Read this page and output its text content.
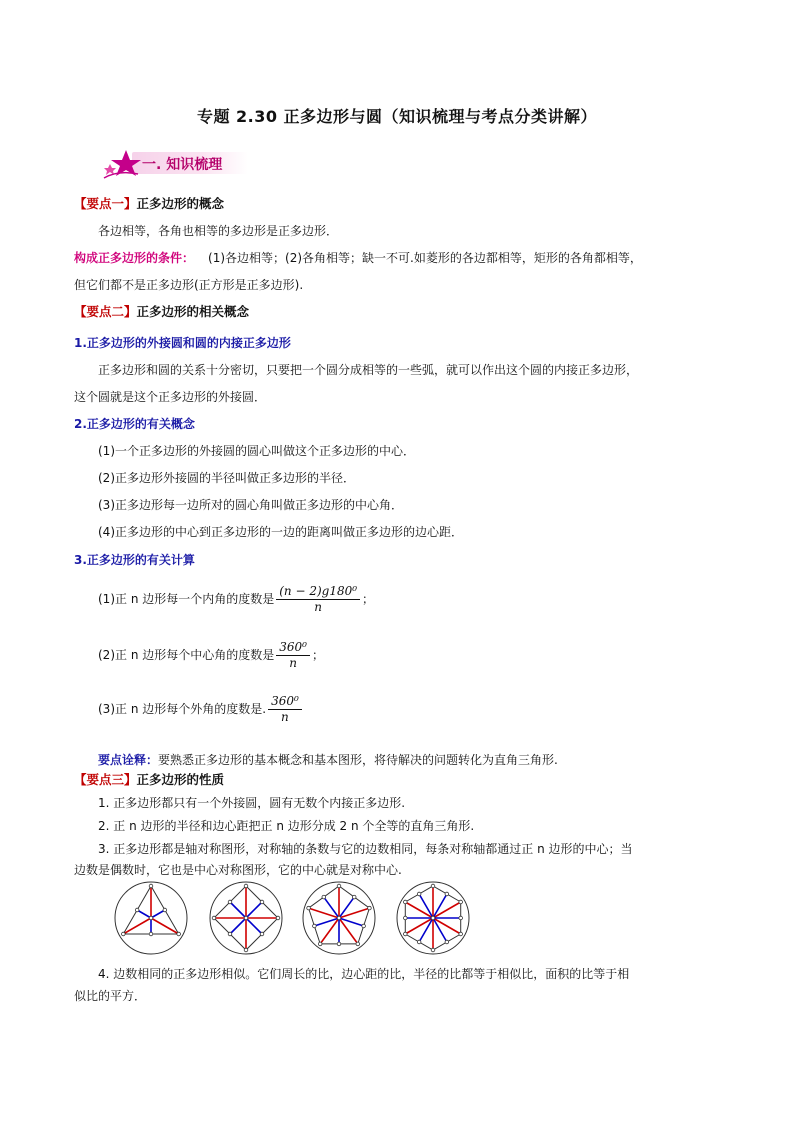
专题 2.30 正多边形与圆（知识梳理与考点分类讲解）
一. 知识梳理
【要点一】正多边形的概念
各边相等，各角也相等的多边形是正多边形．
构成正多边形的条件： (1)各边相等；(2)各角相等；缺一不可.如菱形的各边都相等，矩形的各角都相等，
但它们都不是正多边形(正方形是正多边形).
【要点二】正多边形的相关概念
1.正多边形的外接圆和圆的内接正多边形
正多边形和圆的关系十分密切，只要把一个圆分成相等的一些弧，就可以作出这个圆的内接正多边形，
这个圆就是这个正多边形的外接圆．
2.正多边形的有关概念
(1)一个正多边形的外接圆的圆心叫做这个正多边形的中心．
(2)正多边形外接圆的半径叫做正多边形的半径．
(3)正多边形每一边所对的圆心角叫做正多边形的中心角．
(4)正多边形的中心到正多边形的一边的距离叫做正多边形的边心距．
3.正多边形的有关计算
(1)正 n 边形每一个内角的度数是 $\frac{\text{(n − 2)g180⁰}}{n}$ ；
(2)正 n 边形每个中心角的度数是 $\frac{\text{360⁰}}{n}$ ；
(3)正 n 边形每个外角的度数是. $\frac{\text{360⁰}}{n}$
要点诠释：要熟悉正多边形的基本概念和基本图形，将待解决的问题转化为直角三角形.
【要点三】正多边形的性质
1. 正多边形都只有一个外接圆，圆有无数个内接正多边形.
2. 正 n 边形的半径和边心距把正 n 边形分成 2 n 个全等的直角三角形.
3. 正多边形都是轴对称图形，对称轴的条数与它的边数相同，每条对称轴都通过正 n 边形的中心；当
边数是偶数时，它也是中心对称图形，它的中心就是对称中心.
4. 边数相同的正多边形相似。它们周长的比，边心距的比，半径的比都等于相似比，面积的比等于相
似比的平方．
